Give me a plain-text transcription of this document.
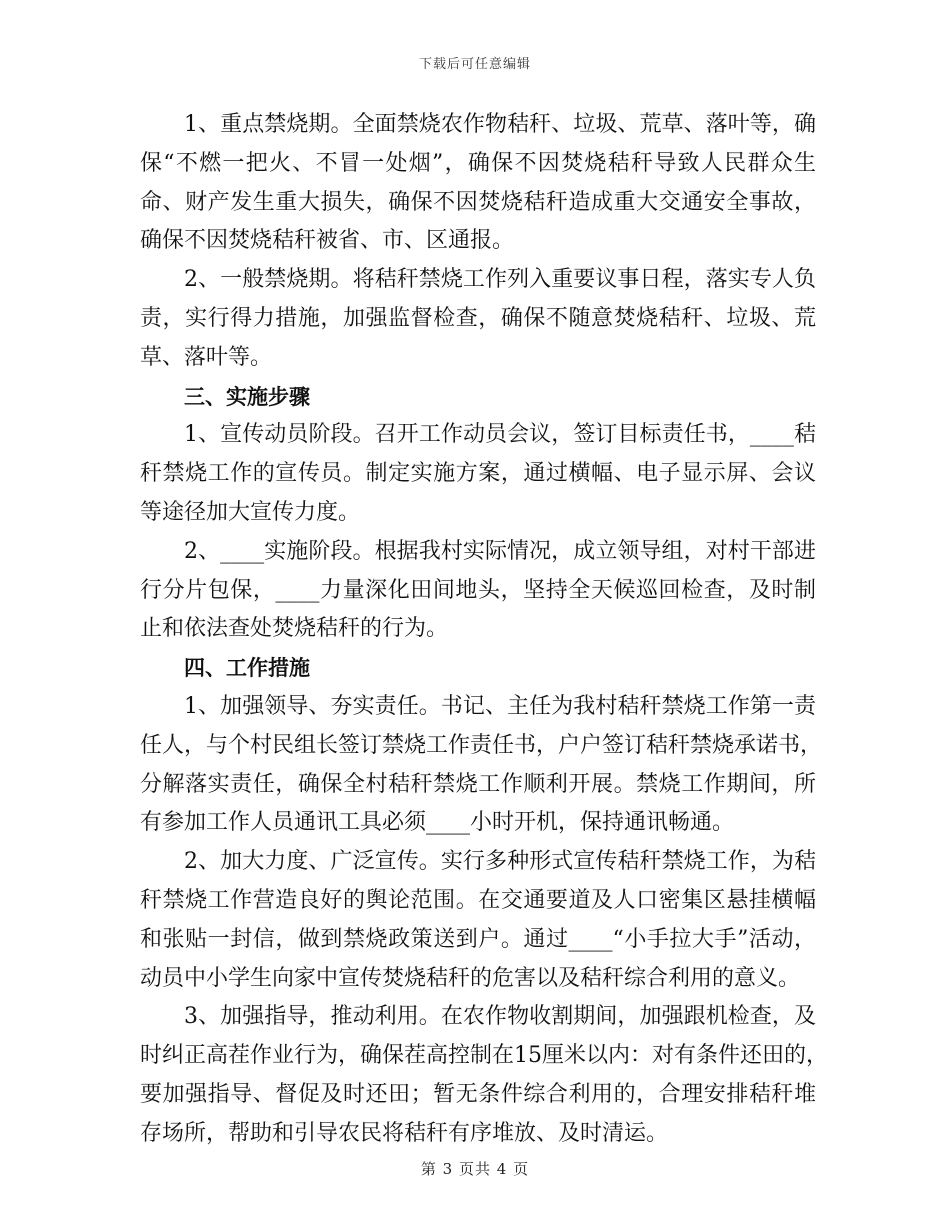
下载后可任意编辑
1、重点禁烧期。全面禁烧农作物秸秆、垃圾、荒草、落叶等，确
保“不燃一把火、不冒一处烟”，确保不因焚烧秸秆导致人民群众生
命、财产发生重大损失，确保不因焚烧秸秆造成重大交通安全事故，
确保不因焚烧秸秆被省、市、区通报。
2、一般禁烧期。将秸秆禁烧工作列入重要议事日程，落实专人负
责，实行得力措施，加强监督检查，确保不随意焚烧秸秆、垃圾、荒
草、落叶等。
三、实施步骤
1、宣传动员阶段。召开工作动员会议，签订目标责任书，____秸
秆禁烧工作的宣传员。制定实施方案，通过横幅、电子显示屏、会议
等途径加大宣传力度。
2、____实施阶段。根据我村实际情况，成立领导组，对村干部进
行分片包保，____力量深化田间地头，坚持全天候巡回检查，及时制
止和依法查处焚烧秸秆的行为。
四、工作措施
1、加强领导、夯实责任。书记、主任为我村秸秆禁烧工作第一责
任人，与个村民组长签订禁烧工作责任书，户户签订秸秆禁烧承诺书，
分解落实责任，确保全村秸秆禁烧工作顺利开展。禁烧工作期间，所
有参加工作人员通讯工具必须____小时开机，保持通讯畅通。
2、加大力度、广泛宣传。实行多种形式宣传秸秆禁烧工作，为秸
秆禁烧工作营造良好的舆论范围。在交通要道及人口密集区悬挂横幅
和张贴一封信，做到禁烧政策送到户。通过____“小手拉大手”活动，
动员中小学生向家中宣传焚烧秸秆的危害以及秸秆综合利用的意义。
3、加强指导，推动利用。在农作物收割期间，加强跟机检查，及
时纠正高茬作业行为，确保茬高控制在15厘米以内：对有条件还田的，
要加强指导、督促及时还田；暂无条件综合利用的，合理安排秸秆堆
存场所，帮助和引导农民将秸秆有序堆放、及时清运。
第 3 页共 4 页
